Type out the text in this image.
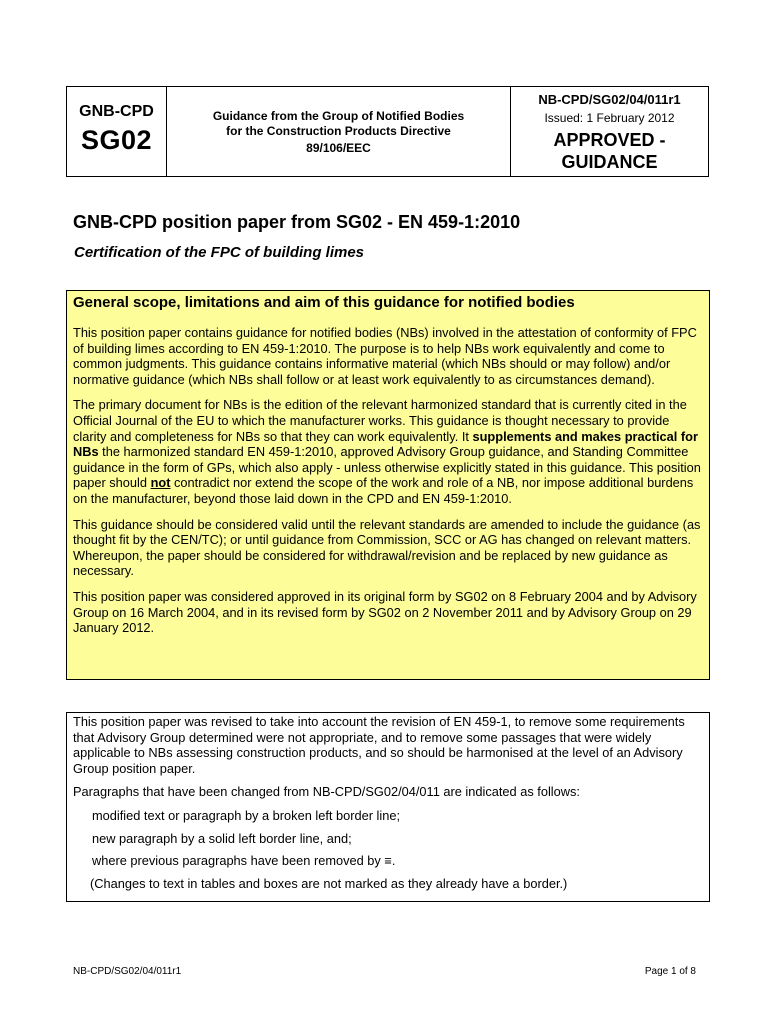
GNB-CPD
SG02
Guidance from the Group of Notified Bodies
for the Construction Products Directive
89/106/EEC
NB-CPD/SG02/04/011r1
Issued: 1 February 2012
APPROVED -
GUIDANCE
GNB-CPD position paper from SG02 - EN 459-1:2010
Certification of the FPC of building limes
General scope, limitations and aim of this guidance for notified bodies

This position paper contains guidance for notified bodies (NBs) involved in the attestation of conformity of FPC of building limes according to EN 459-1:2010. The purpose is to help NBs work equivalently and come to common judgments. This guidance contains informative material (which NBs should or may follow) and/or normative guidance (which NBs shall follow or at least work equivalently to as circumstances demand).

The primary document for NBs is the edition of the relevant harmonized standard that is currently cited in the Official Journal of the EU to which the manufacturer works. This guidance is thought necessary to provide clarity and completeness for NBs so that they can work equivalently. It supplements and makes practical for NBs the harmonized standard EN 459-1:2010, approved Advisory Group guidance, and Standing Committee guidance in the form of GPs, which also apply - unless otherwise explicitly stated in this guidance. This position paper should not contradict nor extend the scope of the work and role of a NB, nor impose additional burdens on the manufacturer, beyond those laid down in the CPD and EN 459-1:2010.

This guidance should be considered valid until the relevant standards are amended to include the guidance (as thought fit by the CEN/TC); or until guidance from Commission, SCC or AG has changed on relevant matters. Whereupon, the paper should be considered for withdrawal/revision and be replaced by new guidance as necessary.

This position paper was considered approved in its original form by SG02 on 8 February 2004 and by Advisory Group on 16 March 2004, and in its revised form by SG02 on 2 November 2011 and by Advisory Group on 29 January 2012.

This position paper was revised to take into account the revision of EN 459-1, to remove some requirements that Advisory Group determined were not appropriate, and to remove some passages that were widely applicable to NBs assessing construction products, and so should be harmonised at the level of an Advisory Group position paper.

Paragraphs that have been changed from NB-CPD/SG02/04/011 are indicated as follows:

modified text or paragraph by a broken left border line;
new paragraph by a solid left border line, and;
where previous paragraphs have been removed by ≡.
(Changes to text in tables and boxes are not marked as they already have a border.)
NB-CPD/SG02/04/011r1	Page 1 of 8
